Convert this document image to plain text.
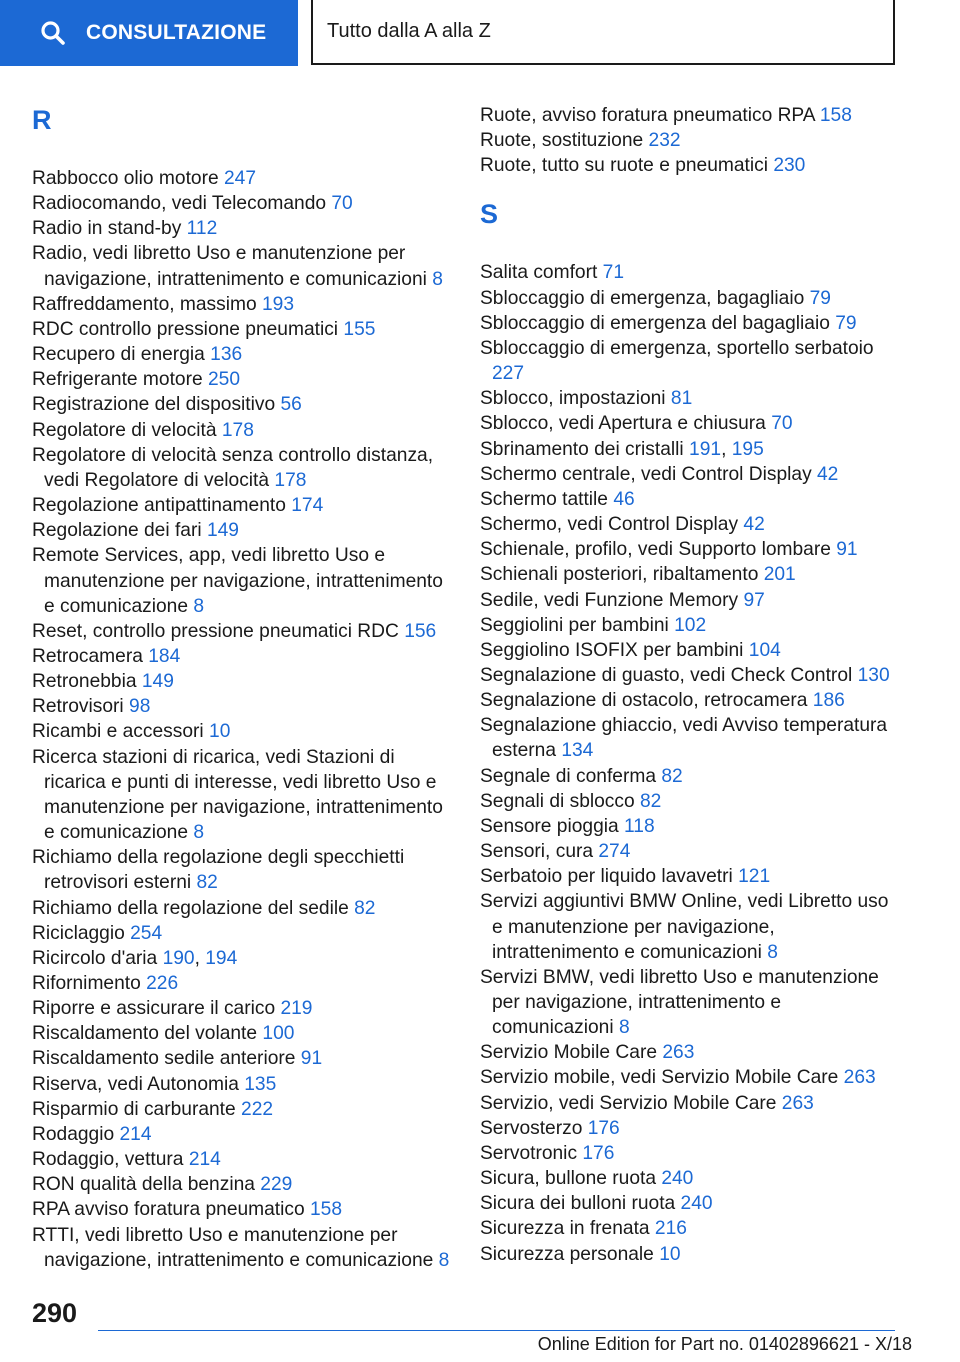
CONSULTAZIONE	Tutto dalla A alla Z
R
Rabbocco olio motore 247
Radiocomando, vedi Telecomando 70
Radio in stand-by 112
Radio, vedi libretto Uso e manutenzione per navigazione, intrattenimento e comunicazioni 8
Raffreddamento, massimo 193
RDC controllo pressione pneumatici 155
Recupero di energia 136
Refrigerante motore 250
Registrazione del dispositivo 56
Regolatore di velocità 178
Regolatore di velocità senza controllo distanza, vedi Regolatore di velocità 178
Regolazione antipattinamento 174
Regolazione dei fari 149
Remote Services, app, vedi libretto Uso e manutenzione per navigazione, intrattenimento e comunicazione 8
Reset, controllo pressione pneumatici RDC 156
Retrocamera 184
Retronebbia 149
Retrovisori 98
Ricambi e accessori 10
Ricerca stazioni di ricarica, vedi Stazioni di ricarica e punti di interesse, vedi libretto Uso e manutenzione per navigazione, intrattenimento e comunicazione 8
Richiamo della regolazione degli specchietti retrovisori esterni 82
Richiamo della regolazione del sedile 82
Riciclaggio 254
Ricircolo d'aria 190, 194
Rifornimento 226
Riporre e assicurare il carico 219
Riscaldamento del volante 100
Riscaldamento sedile anteriore 91
Riserva, vedi Autonomia 135
Risparmio di carburante 222
Rodaggio 214
Rodaggio, vettura 214
RON qualità della benzina 229
RPA avviso foratura pneumatico 158
RTTI, vedi libretto Uso e manutenzione per navigazione, intrattenimento e comunicazione 8
Ruote, avviso foratura pneumatico RPA 158
Ruote, sostituzione 232
Ruote, tutto su ruote e pneumatici 230
S
Salita comfort 71
Sbloccaggio di emergenza, bagagliaio 79
Sbloccaggio di emergenza del bagagliaio 79
Sbloccaggio di emergenza, sportello serbatoio 227
Sblocco, impostazioni 81
Sblocco, vedi Apertura e chiusura 70
Sbrinamento dei cristalli 191, 195
Schermo centrale, vedi Control Display 42
Schermo tattile 46
Schermo, vedi Control Display 42
Schienale, profilo, vedi Supporto lombare 91
Schienali posteriori, ribaltamento 201
Sedile, vedi Funzione Memory 97
Seggiolini per bambini 102
Seggiolino ISOFIX per bambini 104
Segnalazione di guasto, vedi Check Control 130
Segnalazione di ostacolo, retrocamera 186
Segnalazione ghiaccio, vedi Avviso temperatura esterna 134
Segnale di conferma 82
Segnali di sblocco 82
Sensore pioggia 118
Sensori, cura 274
Serbatoio per liquido lavavetri 121
Servizi aggiuntivi BMW Online, vedi Libretto uso e manutenzione per navigazione, intrattenimento e comunicazioni 8
Servizi BMW, vedi libretto Uso e manutenzione per navigazione, intrattenimento e comunicazioni 8
Servizio Mobile Care 263
Servizio mobile, vedi Servizio Mobile Care 263
Servizio, vedi Servizio Mobile Care 263
Servosterzo 176
Servotronic 176
Sicura, bullone ruota 240
Sicura dei bulloni ruota 240
Sicurezza in frenata 216
Sicurezza personale 10
290
Online Edition for Part no. 01402896621 - X/18
